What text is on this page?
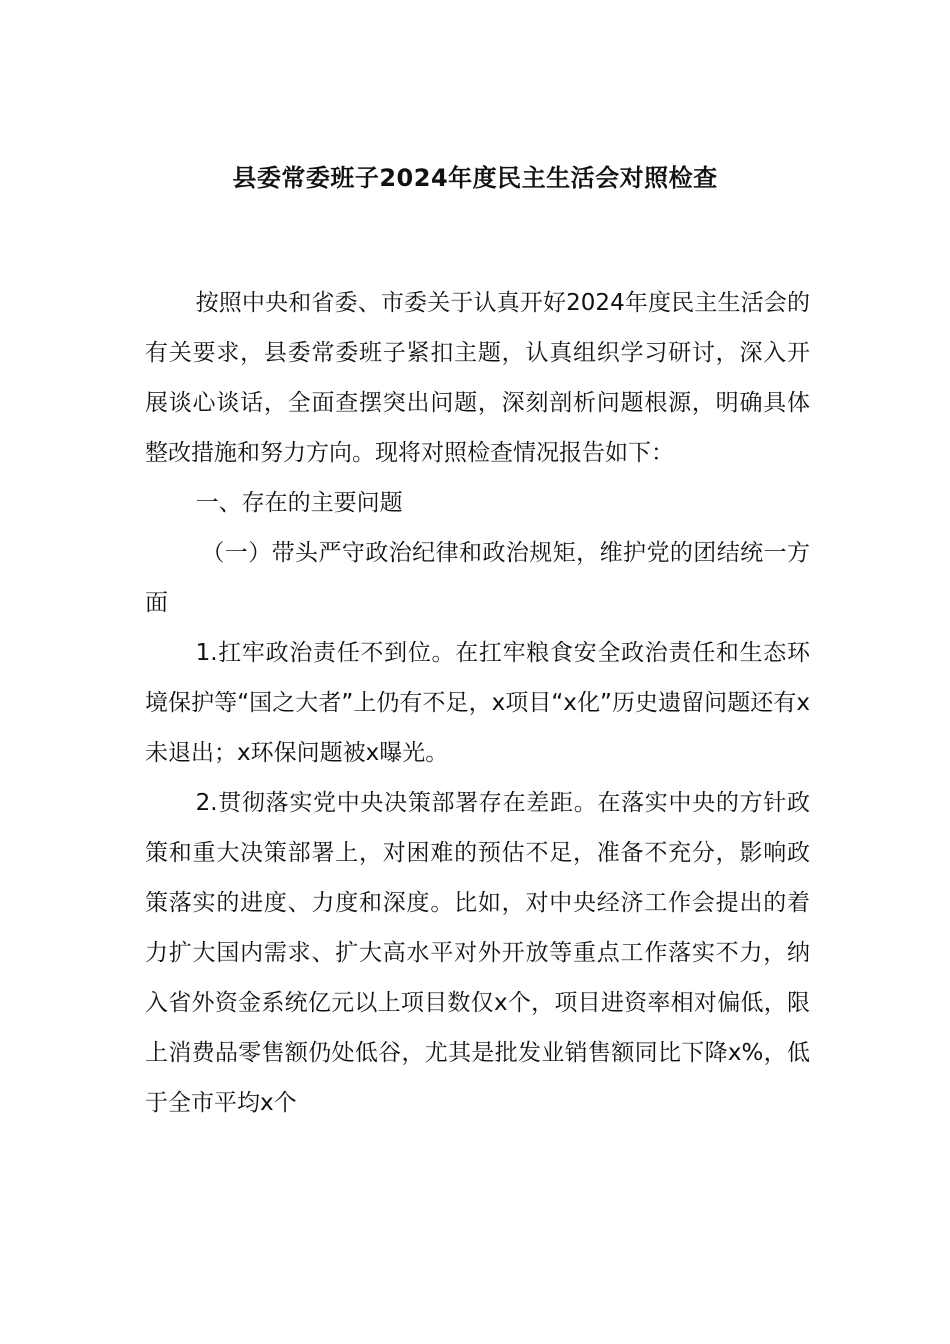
县委常委班子2024年度民主生活会对照检查

按照中央和省委、市委关于认真开好2024年度民主生活会的有关要求，县委常委班子紧扣主题，认真组织学习研讨，深入开展谈心谈话，全面查摆突出问题，深刻剖析问题根源，明确具体整改措施和努力方向。现将对照检查情况报告如下：

一、存在的主要问题

（一）带头严守政治纪律和政治规矩，维护党的团结统一方面

1.扛牢政治责任不到位。在扛牢粮食安全政治责任和生态环境保护等“国之大者”上仍有不足，x项目“x化”历史遗留问题还有x未退出；x环保问题被x曝光。

2.贯彻落实党中央决策部署存在差距。在落实中央的方针政策和重大决策部署上，对困难的预估不足，准备不充分，影响政策落实的进度、力度和深度。比如，对中央经济工作会提出的着力扩大国内需求、扩大高水平对外开放等重点工作落实不力，纳入省外资金系统亿元以上项目数仅x个，项目进资率相对偏低，限上消费品零售额仍处低谷，尤其是批发业销售额同比下降x%，低于全市平均x个
